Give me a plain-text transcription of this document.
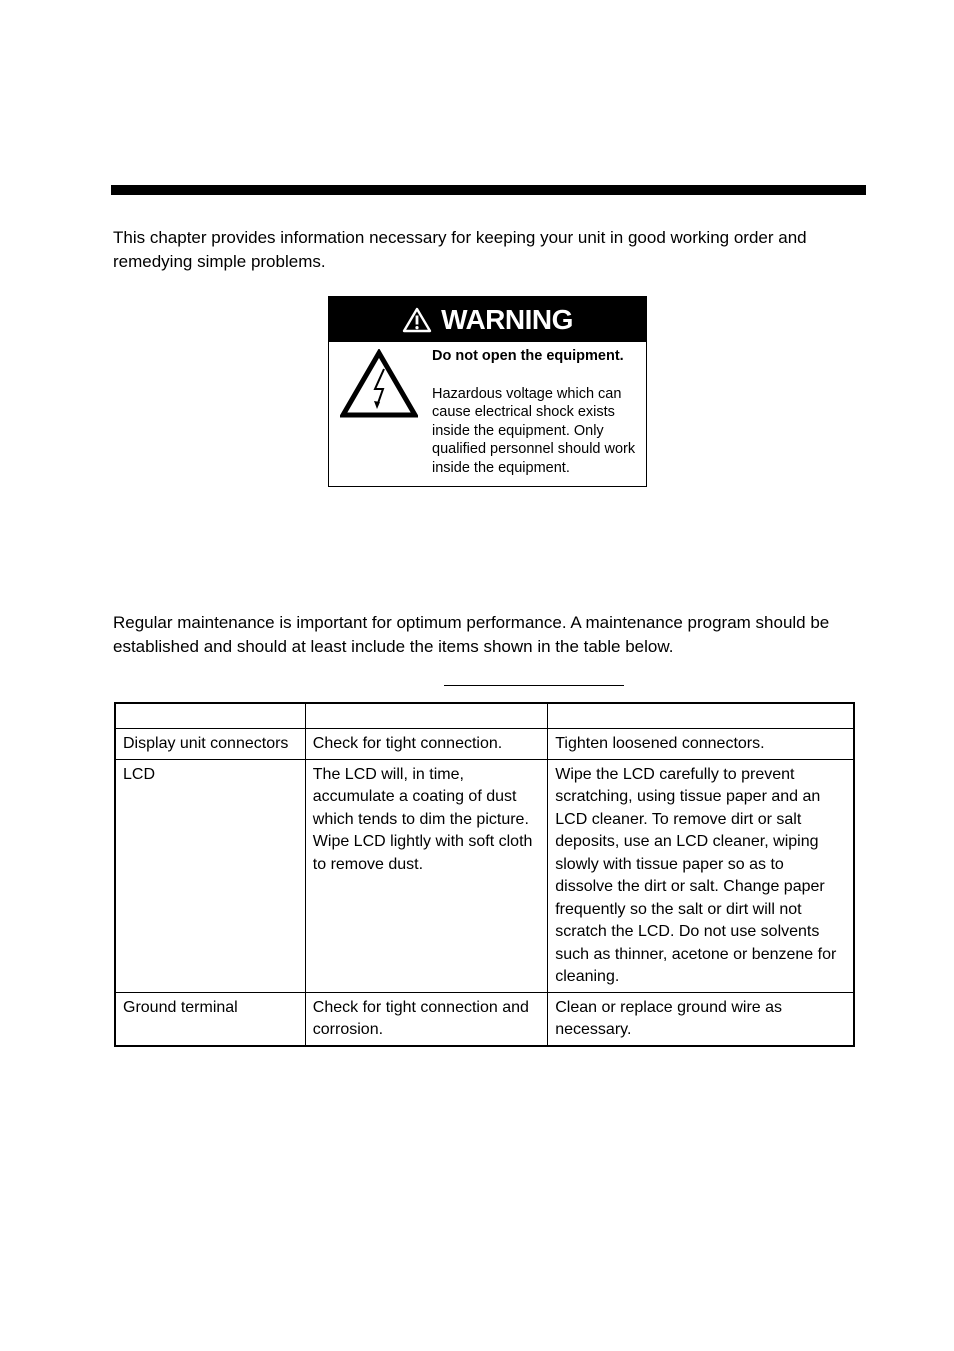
This chapter provides information necessary for keeping your unit in good working order and remedying simple problems.

WARNING

Do not open the equipment.

Hazardous voltage which can cause electrical shock exists inside the equipment. Only qualified personnel should work inside the equipment.

Regular maintenance is important for optimum performance. A maintenance program should be established and should at least include the items shown in the table below.

Display unit connectors	Check for tight connection.	Tighten loosened connectors.
LCD	The LCD will, in time, accumulate a coating of dust which tends to dim the picture. Wipe LCD lightly with soft cloth to remove dust.	Wipe the LCD carefully to prevent scratching, using tissue paper and an LCD cleaner. To remove dirt or salt deposits, use an LCD cleaner, wiping slowly with tissue paper so as to dissolve the dirt or salt. Change paper frequently so the salt or dirt will not scratch the LCD. Do not use solvents such as thinner, acetone or benzene for cleaning.
Ground terminal	Check for tight connection and corrosion.	Clean or replace ground wire as necessary.
